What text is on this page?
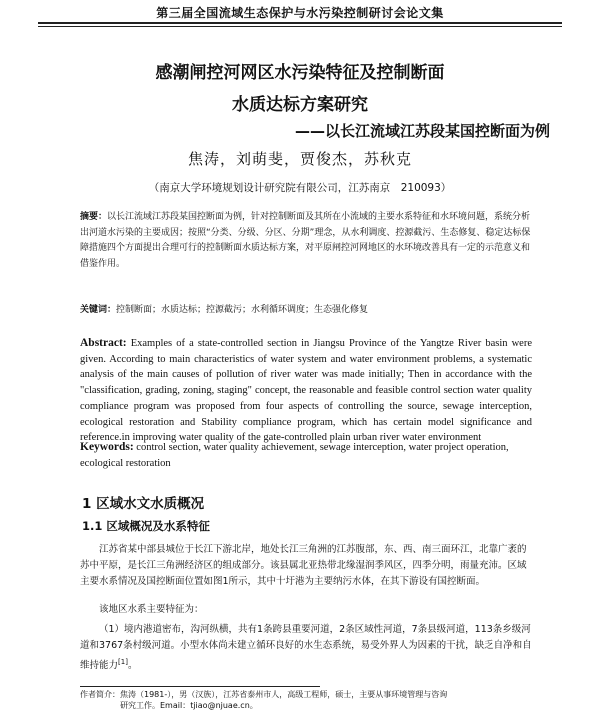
第三届全国流域生态保护与水污染控制研讨会论文集
感潮闸控河网区水污染特征及控制断面
水质达标方案研究
——以长江流域江苏段某国控断面为例
焦涛，刘萌斐，贾俊杰，苏秋克
（南京大学环境规划设计研究院有限公司，江苏南京　210093）
摘要：以长江流域江苏段某国控断面为例，针对控制断面及其所在小流域的主要水系特征和水环境问题，系统分析出河道水污染的主要成因；按照“分类、分级、分区、分期”理念，从水利调度、控源截污、生态修复、稳定达标保障措施四个方面提出合理可行的控制断面水质达标方案，对平原闸控河网地区的水环境改善具有一定的示范意义和借鉴作用。
关键词：控制断面；水质达标；控源截污；水利循环调度；生态强化修复
Abstract: Examples of a state-controlled section in Jiangsu Province of the Yangtze River basin were given. According to main characteristics of water system and water environment problems, a systematic analysis of the main causes of pollution of river water was made initially; Then in accordance with the "classification, grading, zoning, staging" concept, the reasonable and feasible control section water quality compliance program was proposed from four aspects of controlling the source, sewage interception, ecological restoration and Stability compliance program, which has certain model significance and reference.in improving water quality of the gate-controlled plain urban river water environment
Keywords: control section, water quality achievement, sewage interception, water project operation, ecological restoration
1 区域水文水质概况
1.1 区域概况及水系特征
江苏省某中部县城位于长江下游北岸，地处长江三角洲的江苏腹部，东、西、南三面环江，北靠广袤的苏中平原，是长江三角洲经济区的组成部分。该县属北亚热带北缘湿润季风区，四季分明，雨量充沛。区域主要水系情况及国控断面位置如图1所示，其中十圩港为主要纳污水体，在其下游设有国控断面。
该地区水系主要特征为：
（1）境内港道密布，沟河纵横，共有1条跨县重要河道，2条区域性河道，7条县级河道，113条乡级河道和3767条村级河道。小型水体尚未建立循环良好的水生态系统，易受外界人为因素的干扰，缺乏自净和自维持能力[1]。
作者简介：焦涛（1981-），男（汉族），江苏省泰州市人，高级工程师，硕士，主要从事环境管理与咨询
研究工作。Email：tjiao@njuae.cn。
